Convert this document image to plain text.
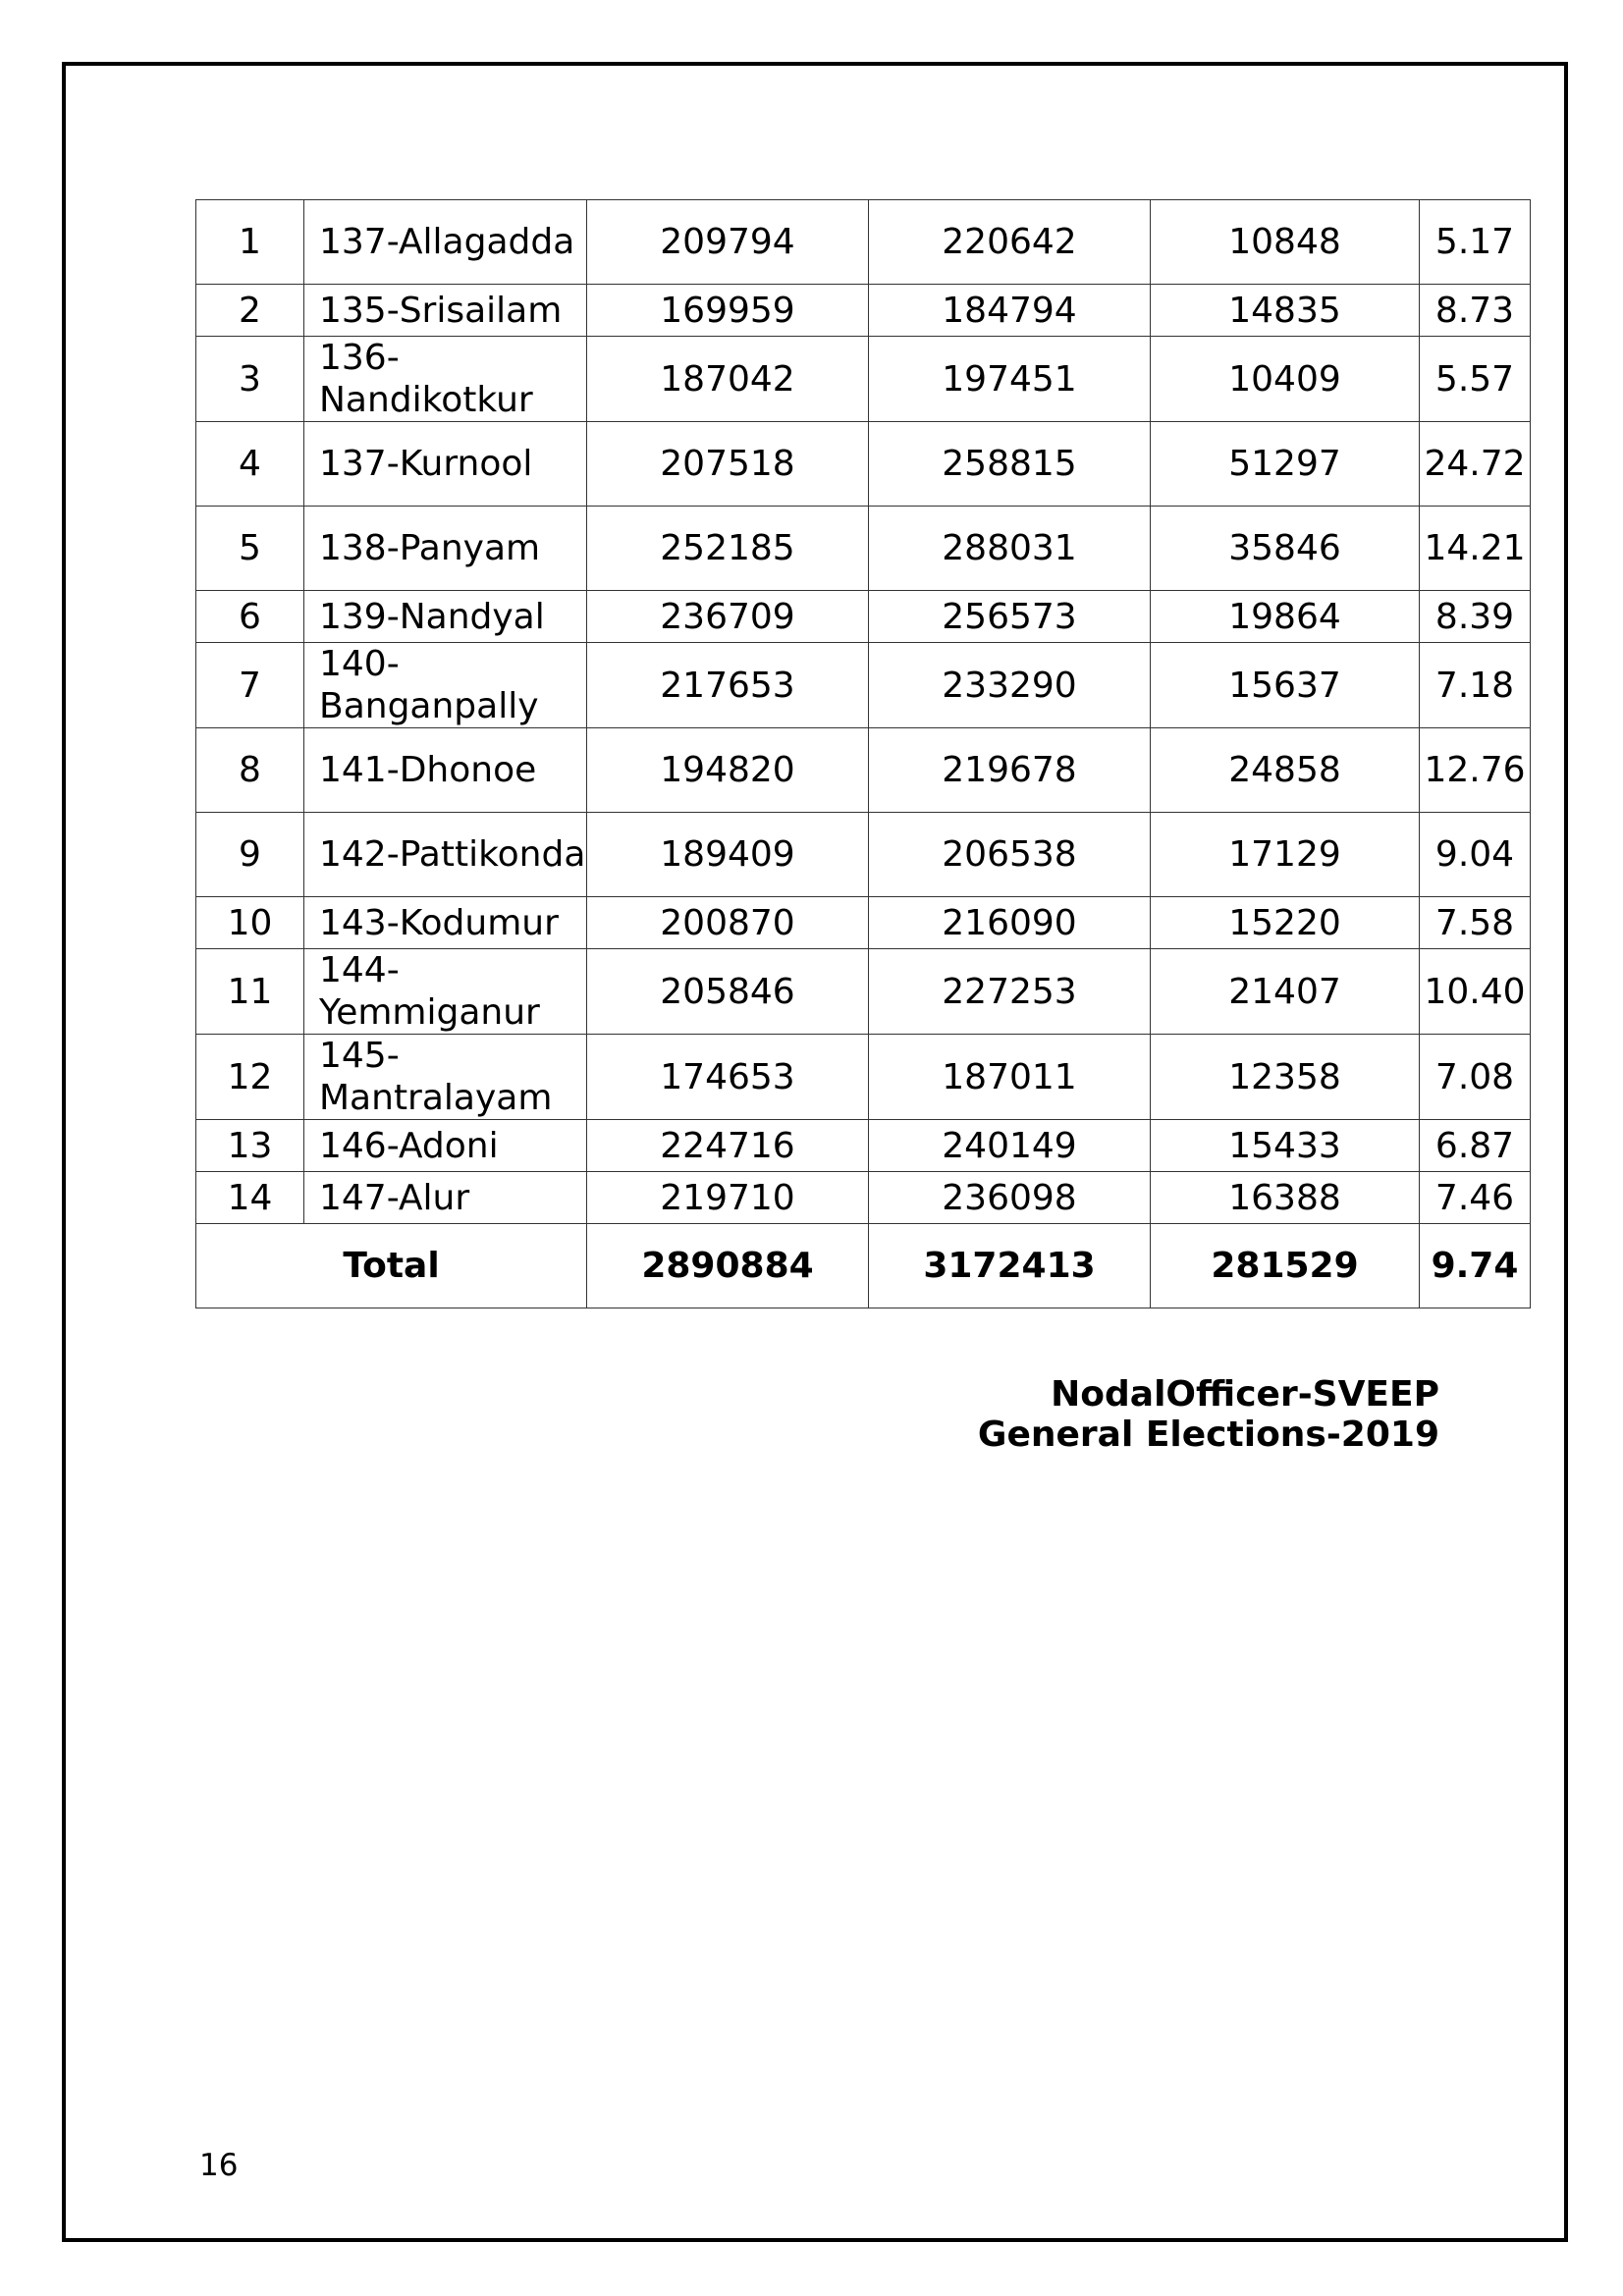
1	137-​Allagadda	209794	220642	10848	5.17
2	135-​Srisailam	169959	184794	14835	8.73
3	136-​Nandikotkur	187042	197451	10409	5.57
4	137-​Kurnool	207518	258815	51297	24.72
5	138-​Panyam	252185	288031	35846	14.21
6	139-​Nandyal	236709	256573	19864	8.39
7	140-​Banganpally	217653	233290	15637	7.18
8	141-​Dhonoe	194820	219678	24858	12.76
9	142-​Pattikonda	189409	206538	17129	9.04
10	143-​Kodumur	200870	216090	15220	7.58
11	144-​Yemmiganur	205846	227253	21407	10.40
12	145-​Mantralayam	174653	187011	12358	7.08
13	146-​Adoni	224716	240149	15433	6.87
14	147-​Alur	219710	236098	16388	7.46
Total		2890884	3172413	281529	9.74
NodalOfficer-SVEEP
General Elections-2019
16
